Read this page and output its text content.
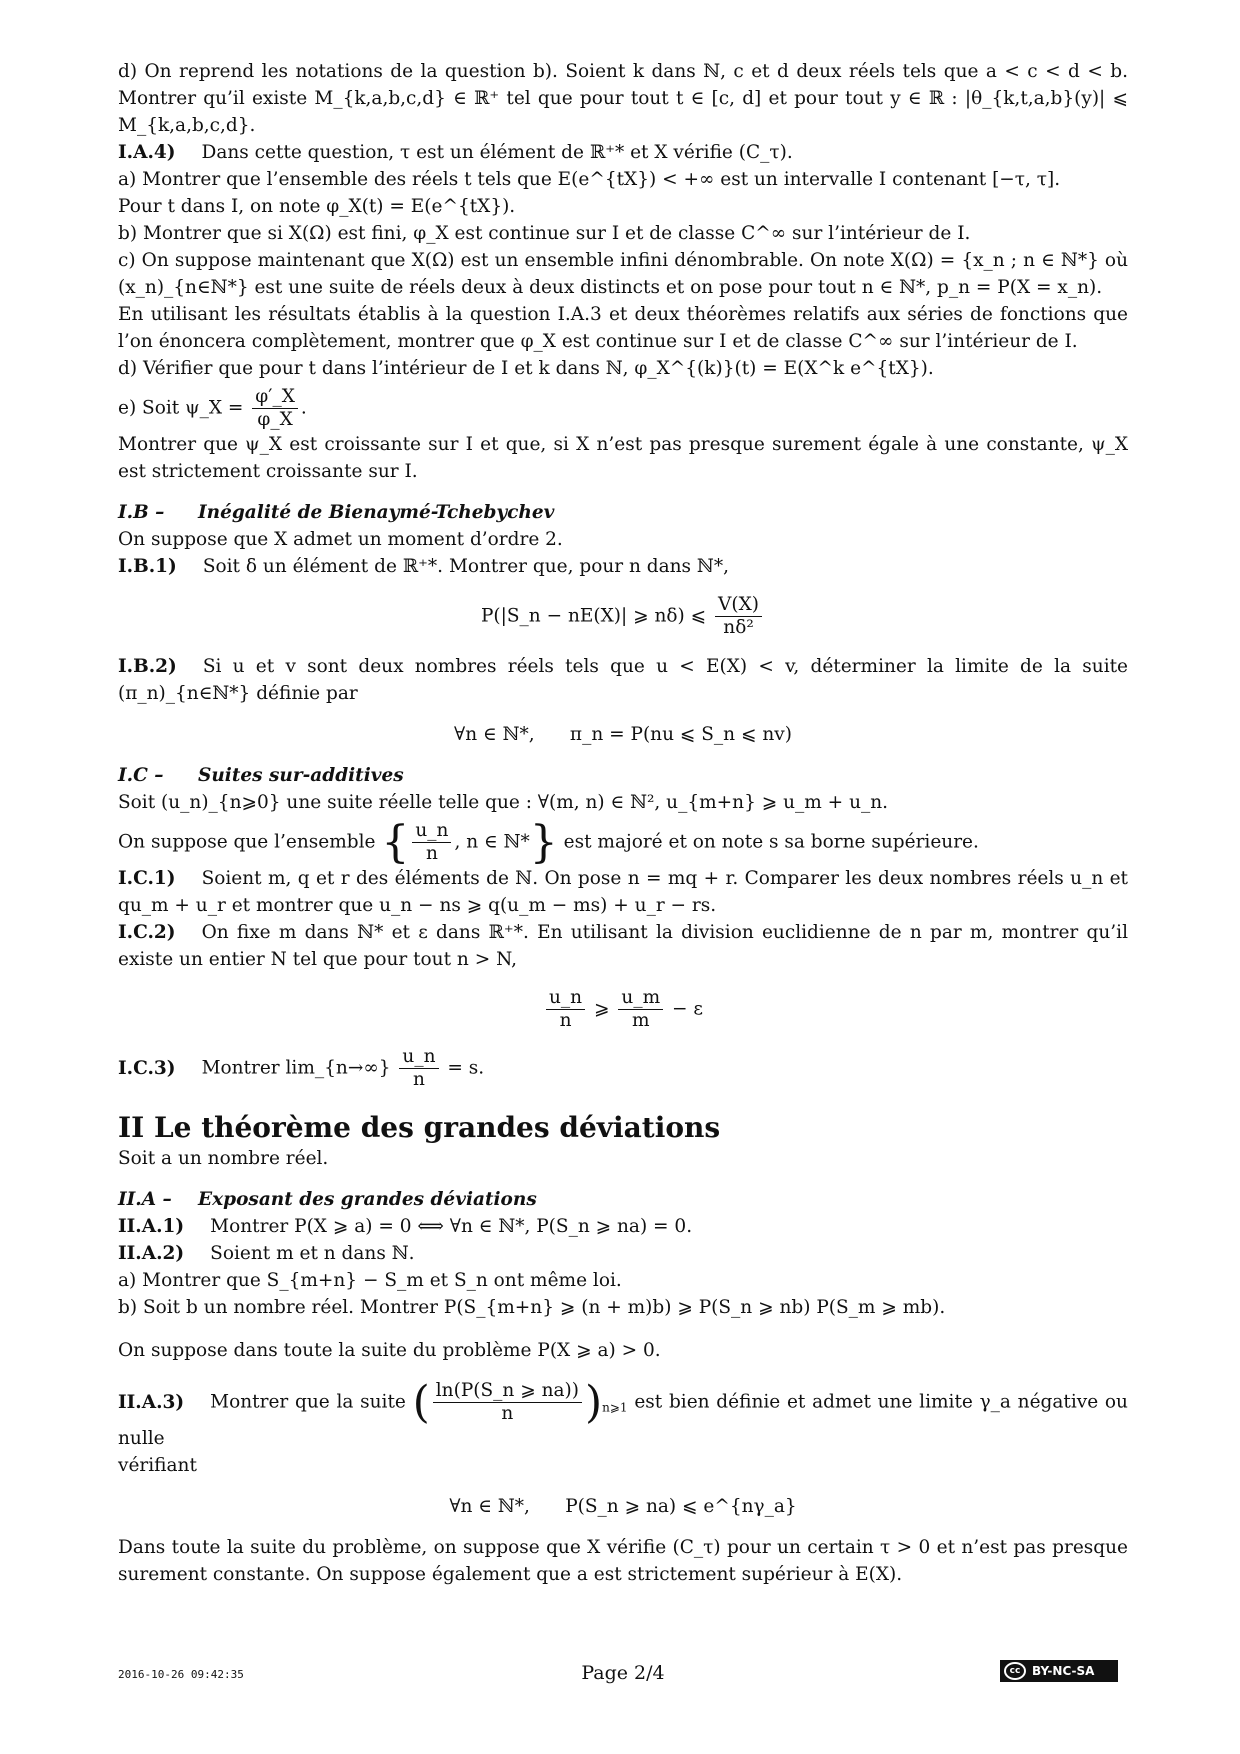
d) On reprend les notations de la question b). Soient k dans ℕ, c et d deux réels tels que a < c < d < b. Montrer qu’il existe M_{k,a,b,c,d} ∈ ℝ⁺ tel que pour tout t ∈ [c, d] et pour tout y ∈ ℝ : |θ_{k,t,a,b}(y)| ⩽ M_{k,a,b,c,d}.

I.A.4) Dans cette question, τ est un élément de ℝ⁺* et X vérifie (C_τ).

a) Montrer que l’ensemble des réels t tels que E(e^{tX}) < +∞ est un intervalle I contenant [−τ, τ].

Pour t dans I, on note φ_X(t) = E(e^{tX}).

b) Montrer que si X(Ω) est fini, φ_X est continue sur I et de classe C^∞ sur l’intérieur de I.

c) On suppose maintenant que X(Ω) est un ensemble infini dénombrable. On note X(Ω) = {x_n ; n ∈ ℕ*} où (x_n)_{n∈ℕ*} est une suite de réels deux à deux distincts et on pose pour tout n ∈ ℕ*, p_n = P(X = x_n).

En utilisant les résultats établis à la question I.A.3 et deux théorèmes relatifs aux séries de fonctions que l’on énoncera complètement, montrer que φ_X est continue sur I et de classe C^∞ sur l’intérieur de I.

d) Vérifier que pour t dans l’intérieur de I et k dans ℕ, φ_X^{(k)}(t) = E(X^k e^{tX}).

e) Soit ψ_X = $\frac{\varphi'\_X}{\varphi\_X}$ .

Montrer que ψ_X est croissante sur I et que, si X n’est pas presque surement égale à une constante, ψ_X est strictement croissante sur I.

I.B – Inégalité de Bienaymé-Tchebychev

On suppose que X admet un moment d’ordre 2.

I.B.1) Soit δ un élément de ℝ⁺*. Montrer que, pour n dans ℕ*,

P(|S_n − nE(X)| ⩾ nδ) ⩽ $\frac{V(X)}{\text{nδ²}}$

I.B.2) Si u et v sont deux nombres réels tels que u < E(X) < v, déterminer la limite de la suite (π_n)_{n∈ℕ*} définie par

∀n ∈ ℕ*,      π_n = P(nu ⩽ S_n ⩽ nv)

I.C – Suites sur-additives

Soit (u_n)_{n⩾0} une suite réelle telle que : ∀(m, n) ∈ ℕ², u_{m+n} ⩾ u_m + u_n.

On suppose que l’ensemble { $\frac{u\_n}{n}$ , n ∈ ℕ*} est majoré et on note s sa borne supérieure.

I.C.1) Soient m, q et r des éléments de ℕ. On pose n = mq + r. Comparer les deux nombres réels u_n et qu_m + u_r et montrer que u_n − ns ⩾ q(u_m − ms) + u_r − rs.

I.C.2) On fixe m dans ℕ* et ε dans ℝ⁺*. En utilisant la division euclidienne de n par m, montrer qu’il existe un entier N tel que pour tout n > N,

$\frac{u\_n}{n}$ ⩾ $\frac{u\_m}{m} - \varepsilon$

I.C.3) Montrer lim_{n→∞} $\frac{u\_n}{n} = s$.

II Le théorème des grandes déviations

Soit a un nombre réel.

II.A – Exposant des grandes déviations

II.A.1) Montrer P(X ⩾ a) = 0 ⟺ ∀n ∈ ℕ*, P(S_n ⩾ na) = 0.

II.A.2) Soient m et n dans ℕ.

a) Montrer que S_{m+n} − S_m et S_n ont même loi.

b) Soit b un nombre réel. Montrer P(S_{m+n} ⩾ (n + m)b) ⩾ P(S_n ⩾ nb) P(S_m ⩾ mb).

On suppose dans toute la suite du problème P(X ⩾ a) > 0.

II.A.3) Montrer que la suite ( $\frac{\ln(P(S\_n ⩾ na))}{n} )_{n⩾1}$ est bien définie et admet une limite γ_a négative ou nulle

vérifiant

∀n ∈ ℕ*,      P(S_n ⩾ na) ⩽ e^{nγ_a}

Dans toute la suite du problème, on suppose que X vérifie (C_τ) pour un certain τ > 0 et n’est pas presque surement constante. On suppose également que a est strictement supérieur à E(X).

2016-10-26 09:42:35	Page 2/4	cc BY-NC-SA
